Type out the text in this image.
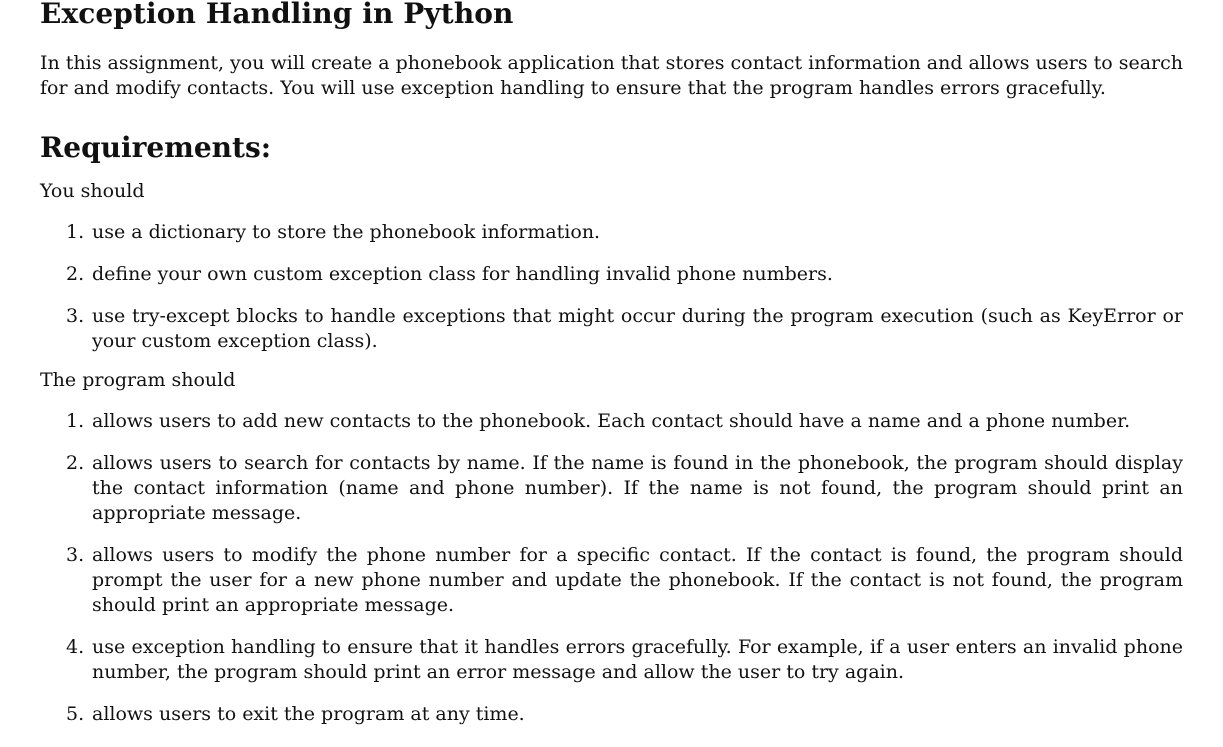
Exception Handling in Python

In this assignment, you will create a phonebook application that stores contact information and allows users to search for and modify contacts. You will use exception handling to ensure that the program handles errors gracefully.

Requirements:

You should

1. use a dictionary to store the phonebook information.
2. define your own custom exception class for handling invalid phone numbers.
3. use try-except blocks to handle exceptions that might occur during the program execution (such as KeyError or your custom exception class).

The program should

1. allows users to add new contacts to the phonebook. Each contact should have a name and a phone number.
2. allows users to search for contacts by name. If the name is found in the phonebook, the program should display the contact information (name and phone number). If the name is not found, the program should print an appropriate message.
3. allows users to modify the phone number for a specific contact. If the contact is found, the program should prompt the user for a new phone number and update the phonebook. If the contact is not found, the program should print an appropriate message.
4. use exception handling to ensure that it handles errors gracefully. For example, if a user enters an invalid phone number, the program should print an error message and allow the user to try again.
5. allows users to exit the program at any time.
